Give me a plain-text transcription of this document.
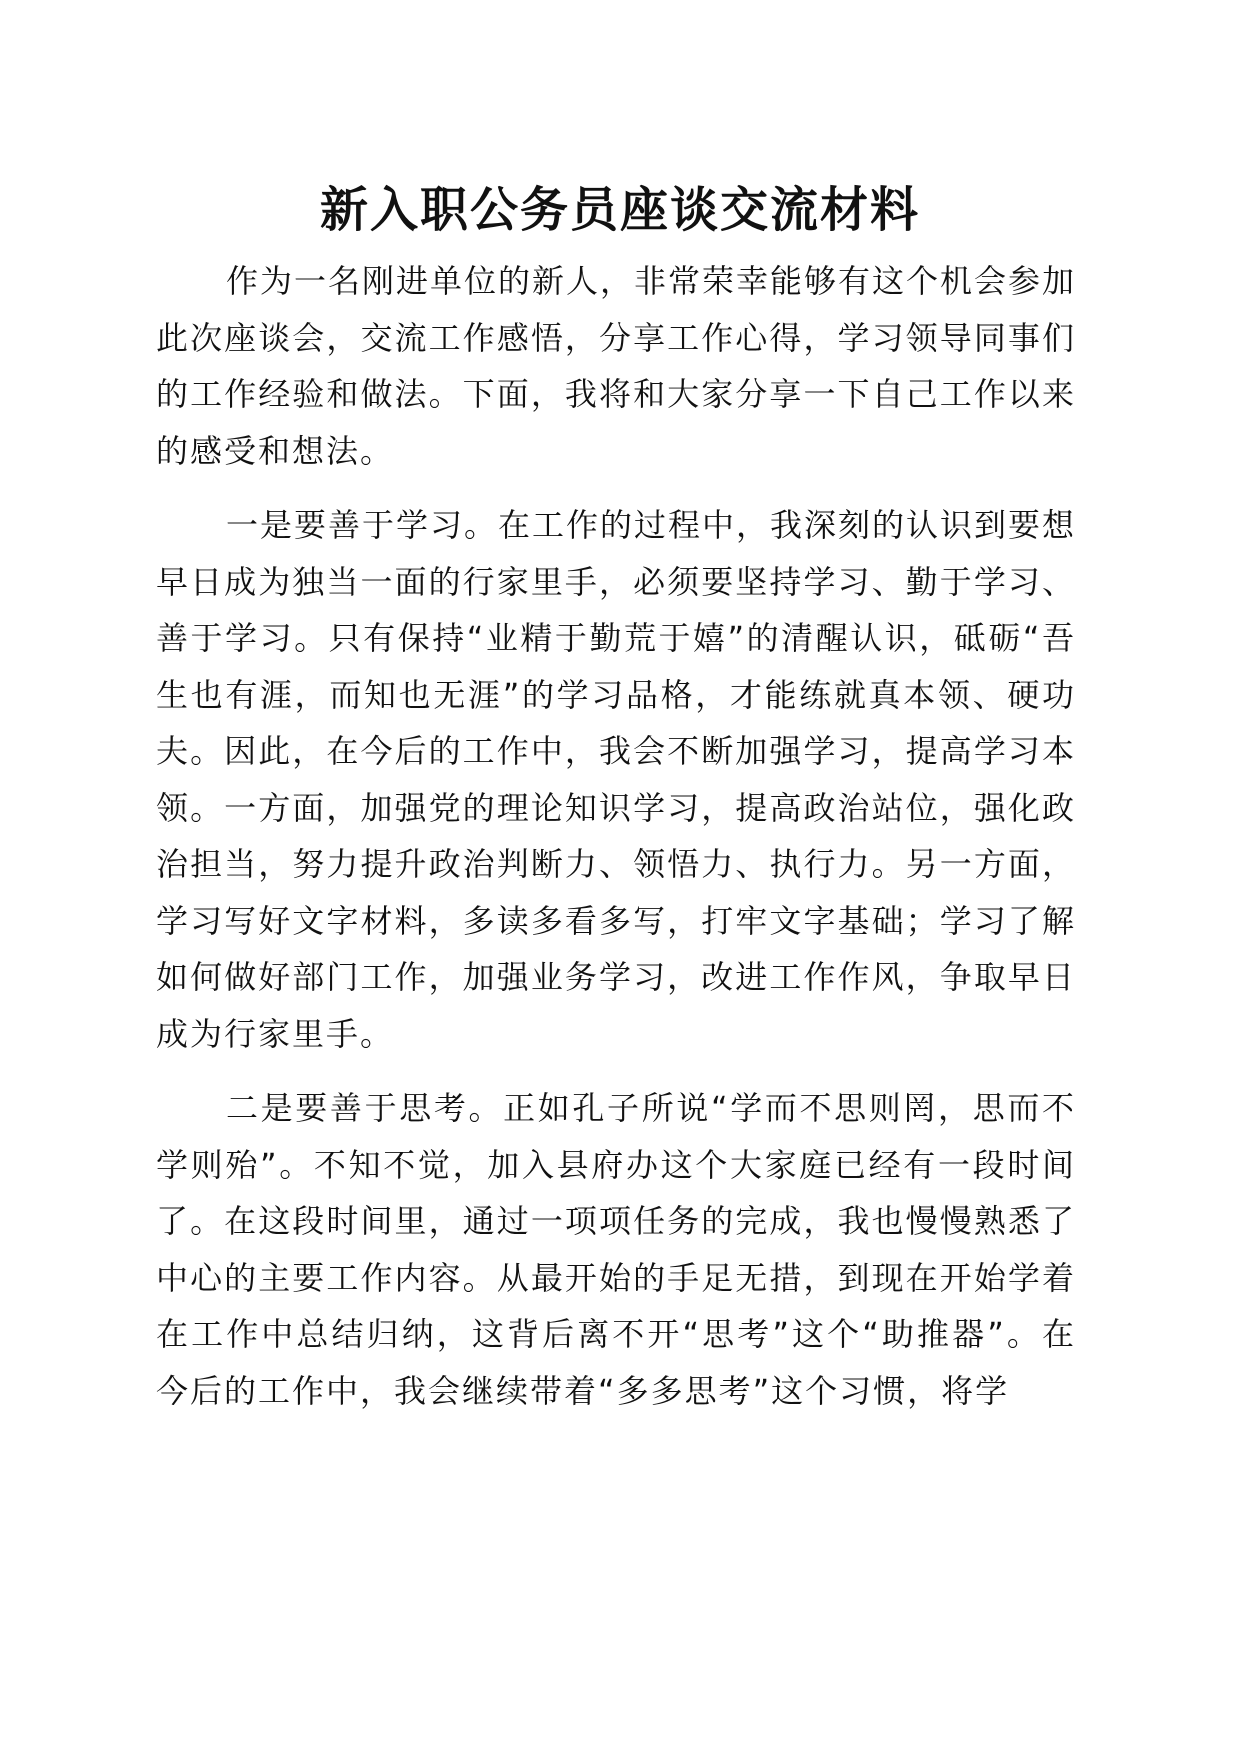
新入职公务员座谈交流材料

作为一名刚进单位的新人，非常荣幸能够有这个机会参加此次座谈会，交流工作感悟，分享工作心得，学习领导同事们的工作经验和做法。下面，我将和大家分享一下自己工作以来的感受和想法。

一是要善于学习。在工作的过程中，我深刻的认识到要想早日成为独当一面的行家里手，必须要坚持学习、勤于学习、善于学习。只有保持“业精于勤荒于嬉”的清醒认识，砥砺“吾生也有涯，而知也无涯”的学习品格，才能练就真本领、硬功夫。因此，在今后的工作中，我会不断加强学习，提高学习本领。一方面，加强党的理论知识学习，提高政治站位，强化政治担当，努力提升政治判断力、领悟力、执行力。另一方面，学习写好文字材料，多读多看多写，打牢文字基础；学习了解如何做好部门工作，加强业务学习，改进工作作风，争取早日成为行家里手。

二是要善于思考。正如孔子所说“学而不思则罔，思而不学则殆”。不知不觉，加入县府办这个大家庭已经有一段时间了。在这段时间里，通过一项项任务的完成，我也慢慢熟悉了中心的主要工作内容。从最开始的手足无措，到现在开始学着在工作中总结归纳，这背后离不开“思考”这个“助推器”。在今后的工作中，我会继续带着“多多思考”这个习惯，将学
